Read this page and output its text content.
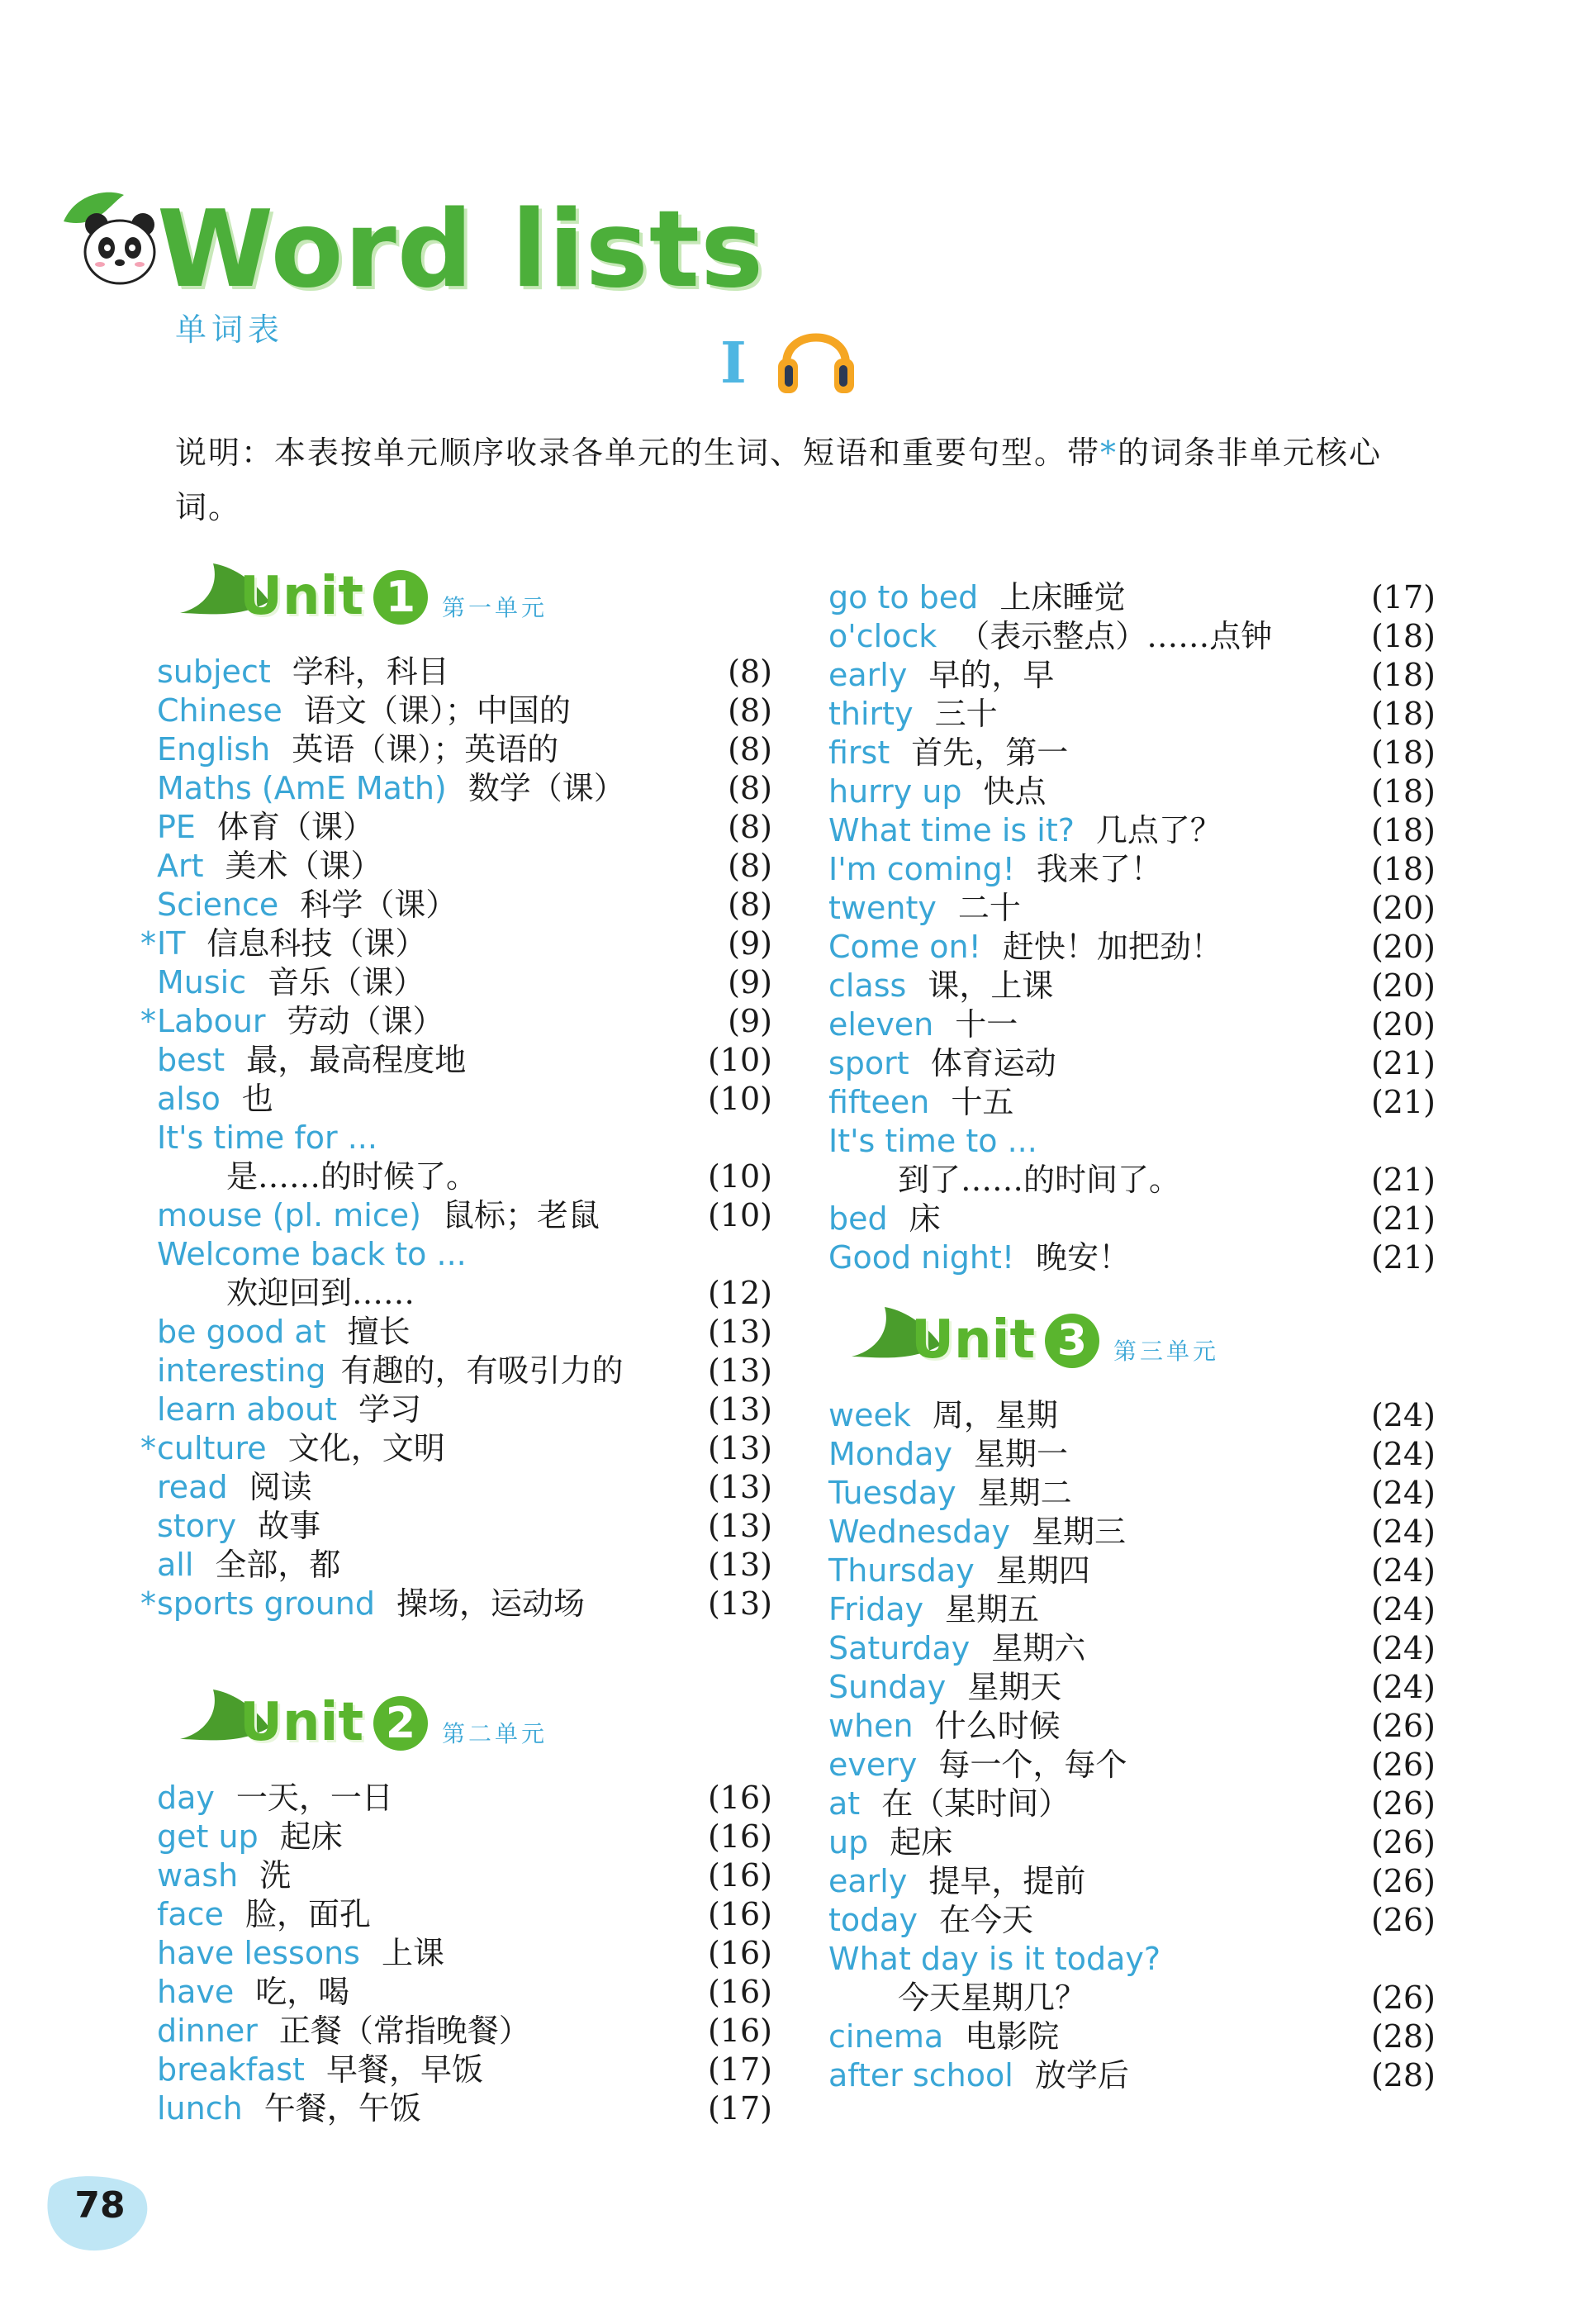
Word lists
单词表
I
说明：本表按单元顺序收录各单元的生词、短语和重要句型。带*的词条非单元核心词。
Unit 1	第一单元
subject 学科，科目	(8)
Chinese 语文（课）；中国的	(8)
English 英语（课）；英语的	(8)
Maths (AmE Math) 数学（课）	(8)
PE 体育（课）	(8)
Art 美术（课）	(8)
Science 科学（课）	(8)
* IT 信息科技（课）	(9)
Music 音乐（课）	(9)
* Labour 劳动（课）	(9)
best 最，最高程度地	(10)
also 也	(10)
It's time for ...
是……的时候了。	(10)
mouse (pl. mice) 鼠标；老鼠	(10)
Welcome back to ...
欢迎回到……	(12)
be good at 擅长	(13)
interesting 有趣的，有吸引力的	(13)
learn about 学习	(13)
* culture 文化，文明	(13)
read 阅读	(13)
story 故事	(13)
all 全部，都	(13)
* sports ground 操场，运动场	(13)
Unit 2	第二单元
day 一天，一日	(16)
get up 起床	(16)
wash 洗	(16)
face 脸，面孔	(16)
have lessons 上课	(16)
have 吃，喝	(16)
dinner 正餐（常指晚餐）	(16)
breakfast 早餐，早饭	(17)
lunch 午餐，午饭	(17)
go to bed 上床睡觉	(17)
o'clock （表示整点）……点钟	(18)
early 早的，早	(18)
thirty 三十	(18)
first 首先，第一	(18)
hurry up 快点	(18)
What time is it? 几点了？	(18)
I'm coming! 我来了！	(18)
twenty 二十	(20)
Come on! 赶快！加把劲！	(20)
class 课，上课	(20)
eleven 十一	(20)
sport 体育运动	(21)
fifteen 十五	(21)
It's time to ...
到了……的时间了。	(21)
bed 床	(21)
Good night! 晚安！	(21)
Unit 3	第三单元
week 周，星期	(24)
Monday 星期一	(24)
Tuesday 星期二	(24)
Wednesday 星期三	(24)
Thursday 星期四	(24)
Friday 星期五	(24)
Saturday 星期六	(24)
Sunday 星期天	(24)
when 什么时候	(26)
every 每一个，每个	(26)
at 在（某时间）	(26)
up 起床	(26)
early 提早，提前	(26)
today 在今天	(26)
What day is it today?
今天星期几？	(26)
cinema 电影院	(28)
after school 放学后	(28)
78
